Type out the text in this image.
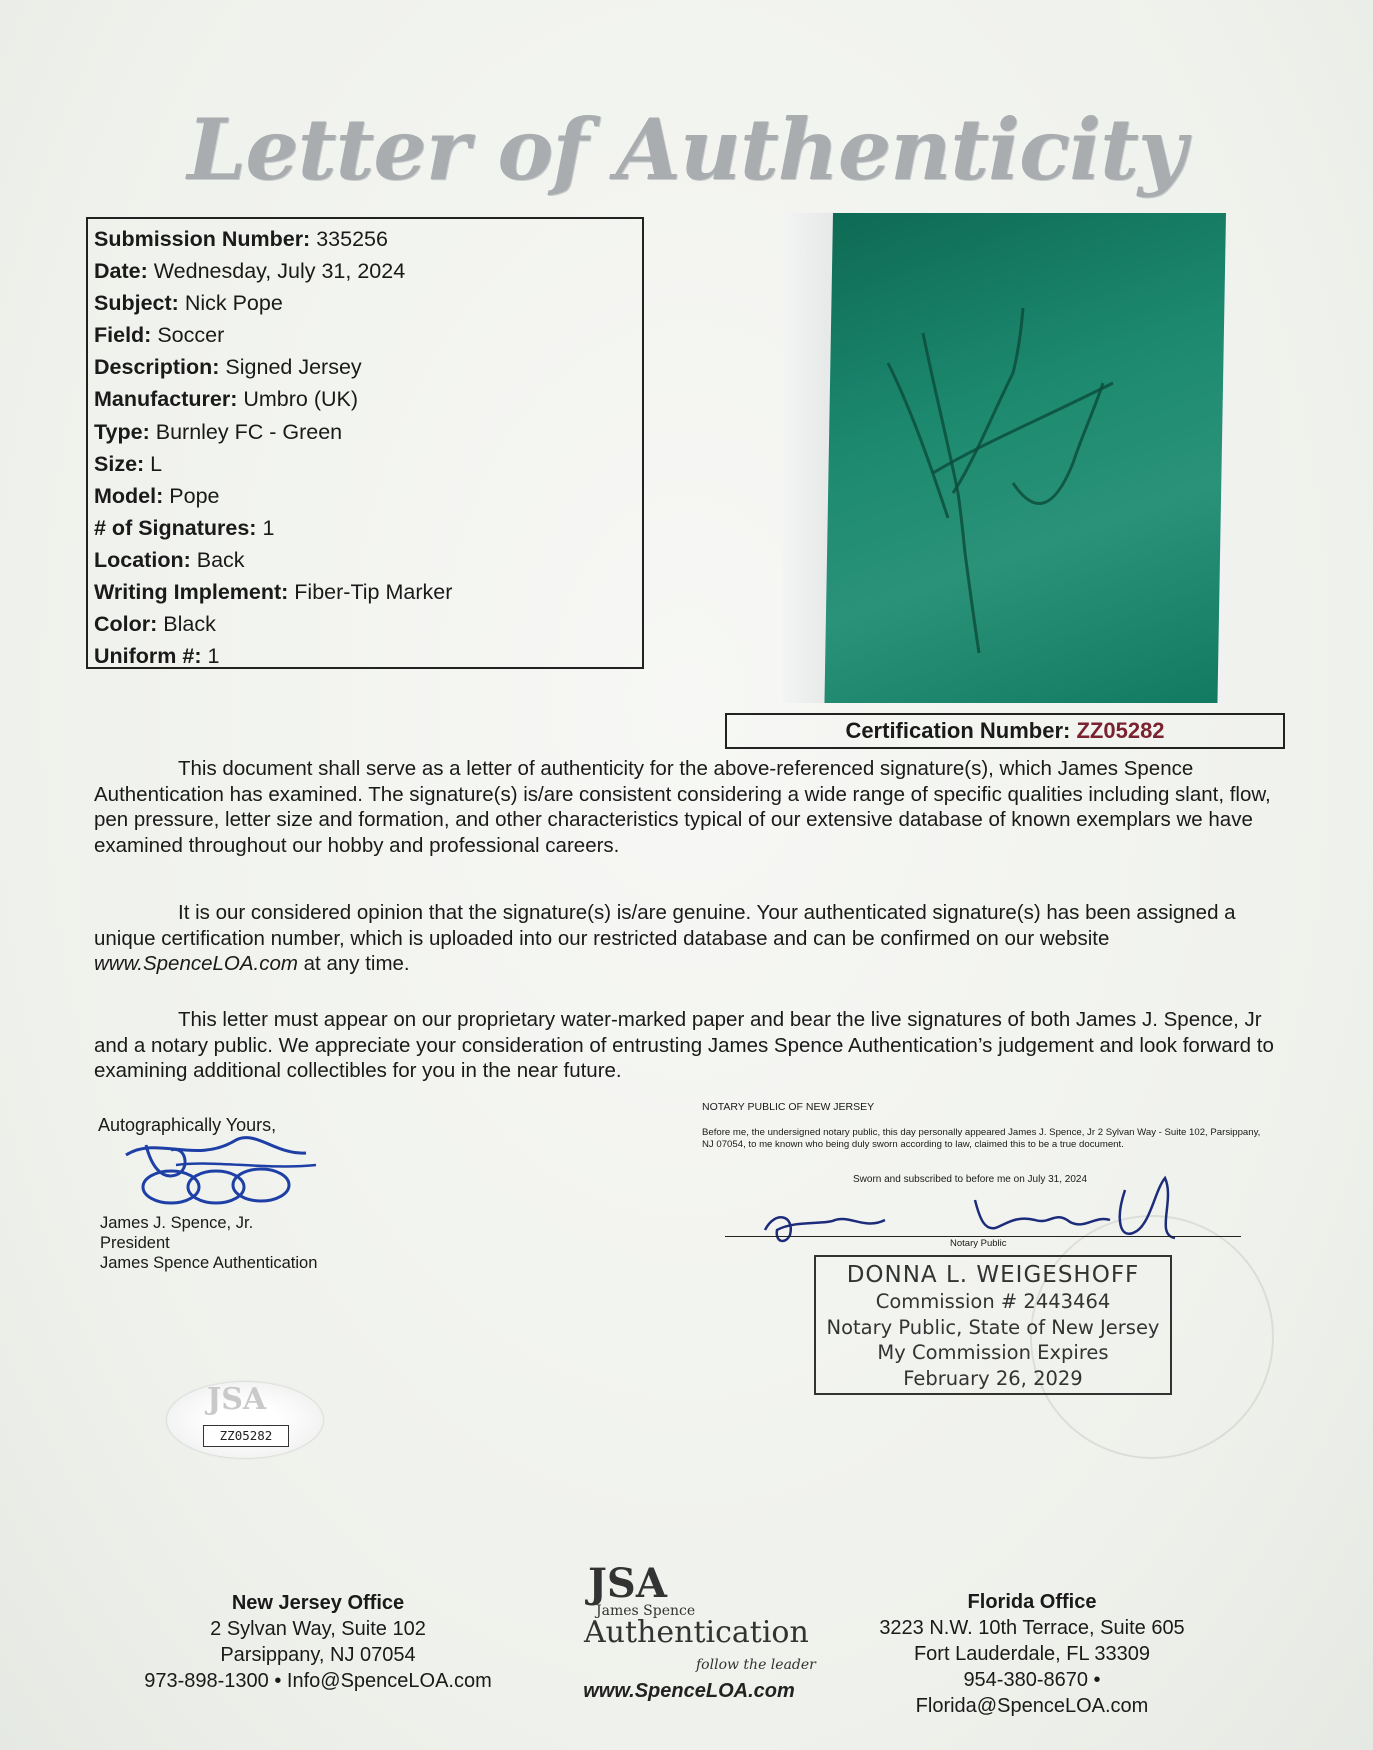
Letter of Authenticity
Submission Number: 335256
Date: Wednesday, July 31, 2024
Subject: Nick Pope
Field: Soccer
Description: Signed Jersey
Manufacturer: Umbro (UK)
Type: Burnley FC - Green
Size: L
Model: Pope
# of Signatures: 1
Location: Back
Writing Implement: Fiber-Tip Marker
Color: Black
Uniform #: 1
Certification Number: ZZ05282
This document shall serve as a letter of authenticity for the above-referenced signature(s), which James Spence Authentication has examined. The signature(s) is/are consistent considering a wide range of specific qualities including slant, flow, pen pressure, letter size and formation, and other characteristics typical of our extensive database of known exemplars we have examined throughout our hobby and professional careers.
It is our considered opinion that the signature(s) is/are genuine. Your authenticated signature(s) has been assigned a unique certification number, which is uploaded into our restricted database and can be confirmed on our website www.SpenceLOA.com at any time.
This letter must appear on our proprietary water-marked paper and bear the live signatures of both James J. Spence, Jr and a notary public. We appreciate your consideration of entrusting James Spence Authentication’s judgement and look forward to examining additional collectibles for you in the near future.
Autographically Yours,
James J. Spence, Jr.
President
James Spence Authentication
NOTARY PUBLIC OF NEW JERSEY
Before me, the undersigned notary public, this day personally appeared James J. Spence, Jr 2 Sylvan Way - Suite 102, Parsippany, NJ 07054, to me known who being duly sworn according to law, claimed this to be a true document.
Sworn and subscribed to before me on July 31, 2024
Notary Public
DONNA L. WEIGESHOFF
Commission # 2443464
Notary Public, State of New Jersey
My Commission Expires
February 26, 2029
JSA
ZZ05282
New Jersey Office
2 Sylvan Way, Suite 102
Parsippany, NJ 07054
973-898-1300 • Info@SpenceLOA.com
JSA
James Spence
Authentication
follow the leader
www.SpenceLOA.com
Florida Office
3223 N.W. 10th Terrace, Suite 605
Fort Lauderdale, FL 33309
954-380-8670 • Florida@SpenceLOA.com
